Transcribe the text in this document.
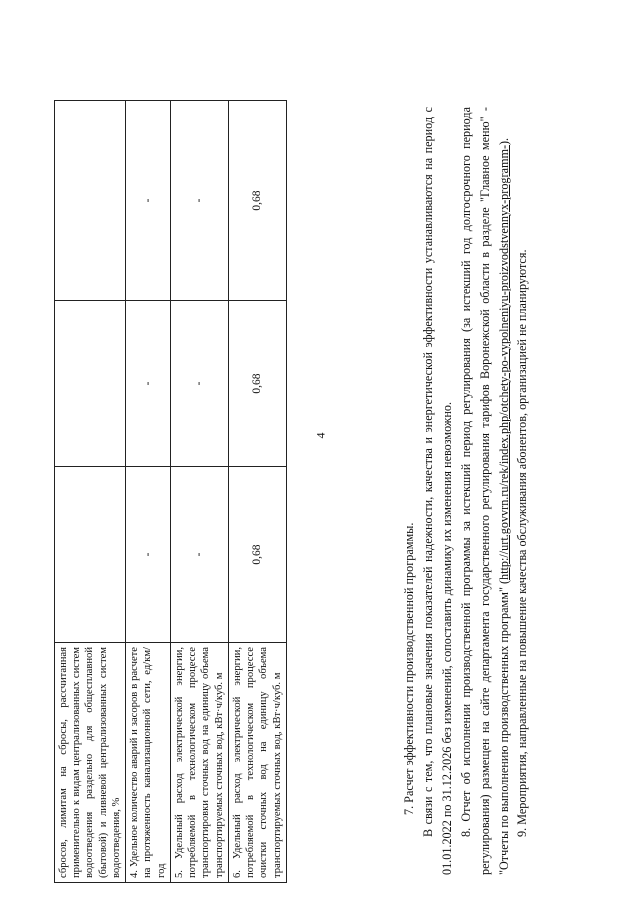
4
сбросов, лимитам на сбросы, рассчитанная применительно к видам централизованных систем водоотведения раздельно для общесплавной (бытовой) и ливневой централизованных систем водоотведения, %			
4. Удельное количество аварий и засоров в расчете на протяженность канализационной сети, ед/км/год	-	-	-
5. Удельный расход электрической энергии, потребляемой в технологическом процессе транспортировки сточных вод на единицу объема транспортируемых сточных вод, кВт·ч/куб. м	-	-	-
6. Удельный расход электрической энергии, потребляемой в технологическом процессе очистки сточных вод на единицу объема транспортируемых сточных вод, кВт·ч/куб. м	0,68	0,68	0,68

7. Расчет эффективности производственной программы. В связи с тем, что плановые значения показателей надежности, качества и энергетической эффективности устанавливаются на период с 01.01.2022 по 31.12.2026 без изменений, сопоставить динамику их изменения невозможно. 8. Отчет об исполнении производственной программы за истекший период регулирования (за истекший год долгосрочного периода регулирования) размещен на сайте департамента государственного регулирования тарифов Воронежской области в разделе "Главное меню" - "Отчеты по выполнению производственных программ" (http://urt.govvrn.ru/rek/index.php/otchety-po-vypolneniyu-proizvodstvennyx-programm-).

9. Мероприятия, направленные на повышение качества обслуживания абонентов, организацией не планируются.
